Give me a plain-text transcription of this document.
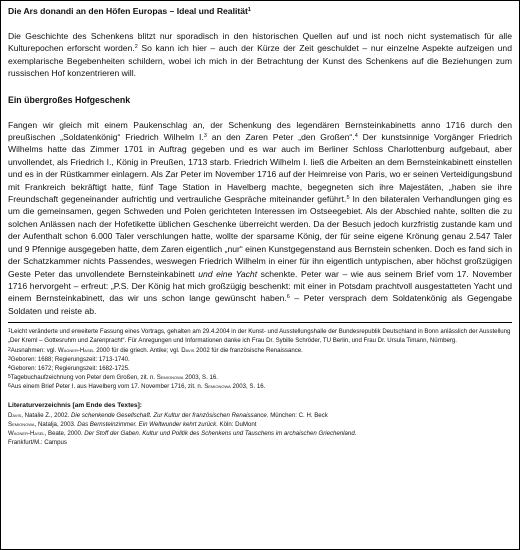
Die Ars donandi an den Höfen Europas – Ideal und Realität$^1$

Die Geschichte des Schenkens blitzt nur sporadisch in den historischen Quellen auf und ist noch nicht systematisch für alle Kulturepochen erforscht worden.$^2$ So kann ich hier – auch der Kürze der Zeit geschuldet – nur einzelne Aspekte aufzeigen und exemplarische Begebenheiten schildern, wobei ich mich in der Betrachtung der Kunst des Schenkens auf die Beziehungen zum russischen Hof konzentrieren will.

Ein übergroßes Hofgeschenk

Fangen wir gleich mit einem Paukenschlag an, der Schenkung des legendären Bernsteinkabinetts anno 1716 durch den preußischen „Soldatenkönig“ Friedrich Wilhelm I.$^3$ an den Zaren Peter „den Großen“.$^4$ Der kunstsinnige Vorgänger Friedrich Wilhelms hatte das Zimmer 1701 in Auftrag gegeben und es war auch im Berliner Schloss Charlottenburg aufgebaut, aber unvollendet, als Friedrich I., König in Preußen, 1713 starb. Friedrich Wilhelm I. ließ die Arbeiten an dem Bernsteinkabinett einstellen und es in der Rüstkammer einlagern. Als Zar Peter im November 1716 auf der Heimreise von Paris, wo er seinen Verteidigungsbund mit Frankreich bekräftigt hatte, fünf Tage Station in Havelberg machte, begegneten sich ihre Majestäten, „haben sie ihre Freundschaft gegeneinander aufrichtig und vertrauliche Gespräche miteinander geführt.$^5$ In den bilateralen Verhandlungen ging es um die gemeinsamen, gegen Schweden und Polen gerichteten Interessen im Ostseegebiet. Als der Abschied nahte, sollten die zu solchen Anlässen nach der Hofetikette üblichen Geschenke überreicht werden. Da der Besuch jedoch kurzfristig zustande kam und der Aufenthalt schon 6.000 Taler verschlungen hatte, wollte der sparsame König, der für seine eigene Krönung genau 2.547 Taler und 9 Pfennige ausgegeben hatte, dem Zaren eigentlich „nur“ einen Kunstgegenstand aus Bernstein schenken. Doch es fand sich in der Schatzkammer nichts Passendes, weswegen Friedrich Wilhelm in einer für ihn eigentlich untypischen, aber höchst großzügigen Geste Peter das unvollendete Bernsteinkabinett und eine Yacht schenkte. Peter war – wie aus seinem Brief vom 17. November 1716 hervorgeht – erfreut: „P.S. Der König hat mich großzügig beschenkt: mit einer in Potsdam prachtvoll ausgestatteten Yacht und einem Bernsteinkabinett, das wir uns schon lange gewünscht haben.$^6$ – Peter versprach dem Soldatenkönig als Gegengabe Soldaten und reiste ab.

$^1$Leicht veränderte und erweiterte Fassung eines Vortrags, gehalten am 29.4.2004 in der Kunst- und Ausstellungshalle der Bundesrepublik Deutschland in Bonn anlässlich der Ausstellung „Der Kreml – Gottesruhm und Zarenpracht“. Für Anregungen und Informationen danke ich Frau Dr. Sybille Schröder, TU Berlin, und Frau Dr. Ursula Timann, Nürnberg.

$^2$Ausnahmen: vgl. Wagner-Hasel 2000 für die griech. Antike; vgl. Davis 2002 für die französische Renaissance.

$^3$Geboren: 1688; Regierungszeit: 1713-1740.

$^4$Geboren: 1672; Regierungszeit: 1682-1725.

$^5$Tagebuchaufzeichnung von Peter dem Großen, zit. n. Semionowa 2003, S. 16.

$^6$Aus einem Brief Peter I. aus Havelberg vom 17. November 1716, zit. n. Semionowa 2003, S. 16.

Literaturverzeichnis [am Ende des Textes]:

Davis, Natalie Z., 2002. Die schenkende Gesellschaft. Zur Kultur der französischen Renaissance. München: C. H. Beck

Semionowa, Natalja, 2003. Das Bernsteinzimmer. Ein Weltwunder kehrt zurück. Köln: DuMont

Wagner-Hasel, Beate, 2000. Der Stoff der Gaben. Kultur und Politik des Schenkens und Tauschens im archaischen Griechenland.

Frankfurt/M.: Campus
